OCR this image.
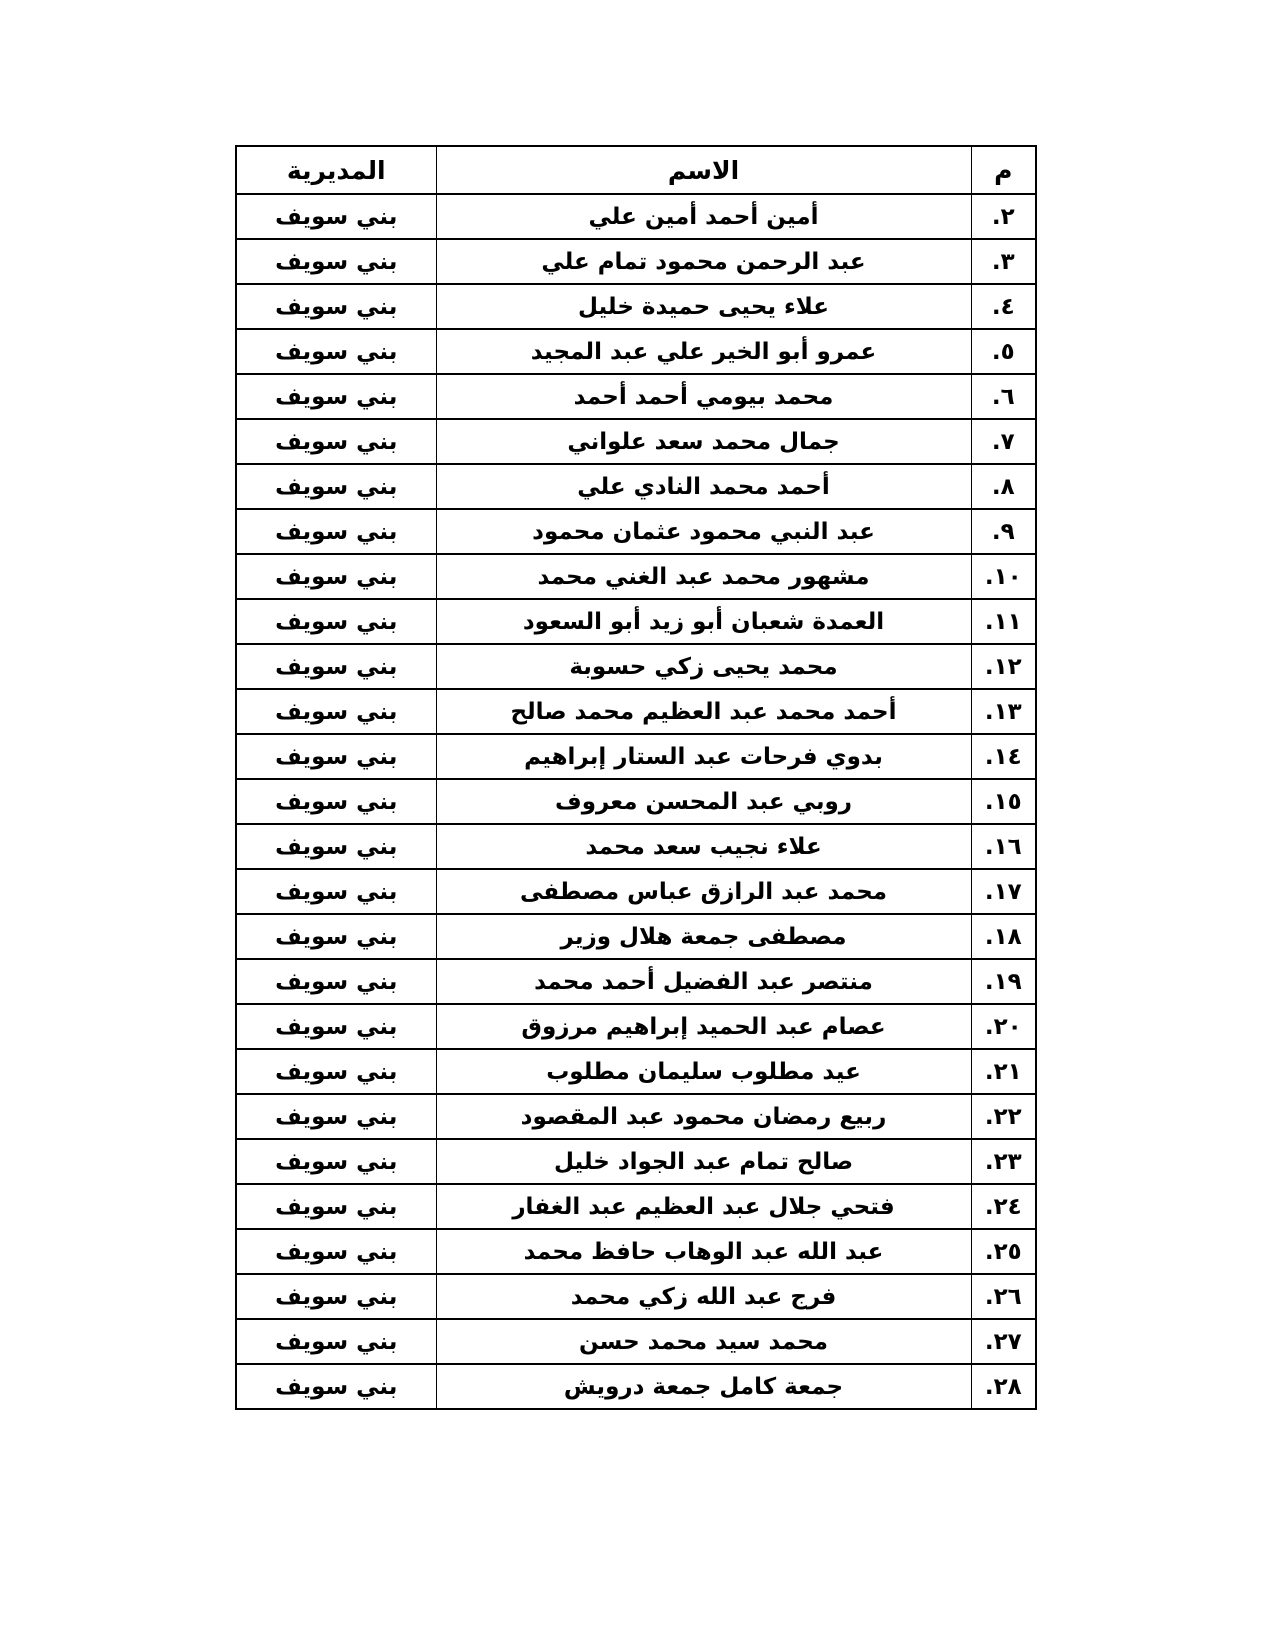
م	الاسم	المديرية
٢.	أمين أحمد أمين علي	بني سويف
٣.	عبد الرحمن محمود تمام علي	بني سويف
٤.	علاء يحيى حميدة خليل	بني سويف
٥.	عمرو أبو الخير علي عبد المجيد	بني سويف
٦.	محمد بيومي أحمد أحمد	بني سويف
٧.	جمال محمد سعد علواني	بني سويف
٨.	أحمد محمد النادي علي	بني سويف
٩.	عبد النبي محمود عثمان محمود	بني سويف
١٠.	مشهور محمد عبد الغني محمد	بني سويف
١١.	العمدة شعبان أبو زيد أبو السعود	بني سويف
١٢.	محمد يحيى زكي حسوبة	بني سويف
١٣.	أحمد محمد عبد العظيم محمد صالح	بني سويف
١٤.	بدوي فرحات عبد الستار إبراهيم	بني سويف
١٥.	روبي عبد المحسن معروف	بني سويف
١٦.	علاء نجيب سعد محمد	بني سويف
١٧.	محمد عبد الرازق عباس مصطفى	بني سويف
١٨.	مصطفى جمعة هلال وزير	بني سويف
١٩.	منتصر عبد الفضيل أحمد محمد	بني سويف
٢٠.	عصام عبد الحميد إبراهيم مرزوق	بني سويف
٢١.	عيد مطلوب سليمان مطلوب	بني سويف
٢٢.	ربيع رمضان محمود عبد المقصود	بني سويف
٢٣.	صالح تمام عبد الجواد خليل	بني سويف
٢٤.	فتحي جلال عبد العظيم عبد الغفار	بني سويف
٢٥.	عبد الله عبد الوهاب حافظ محمد	بني سويف
٢٦.	فرج عبد الله زكي محمد	بني سويف
٢٧.	محمد سيد محمد حسن	بني سويف
٢٨.	جمعة كامل جمعة درويش	بني سويف
